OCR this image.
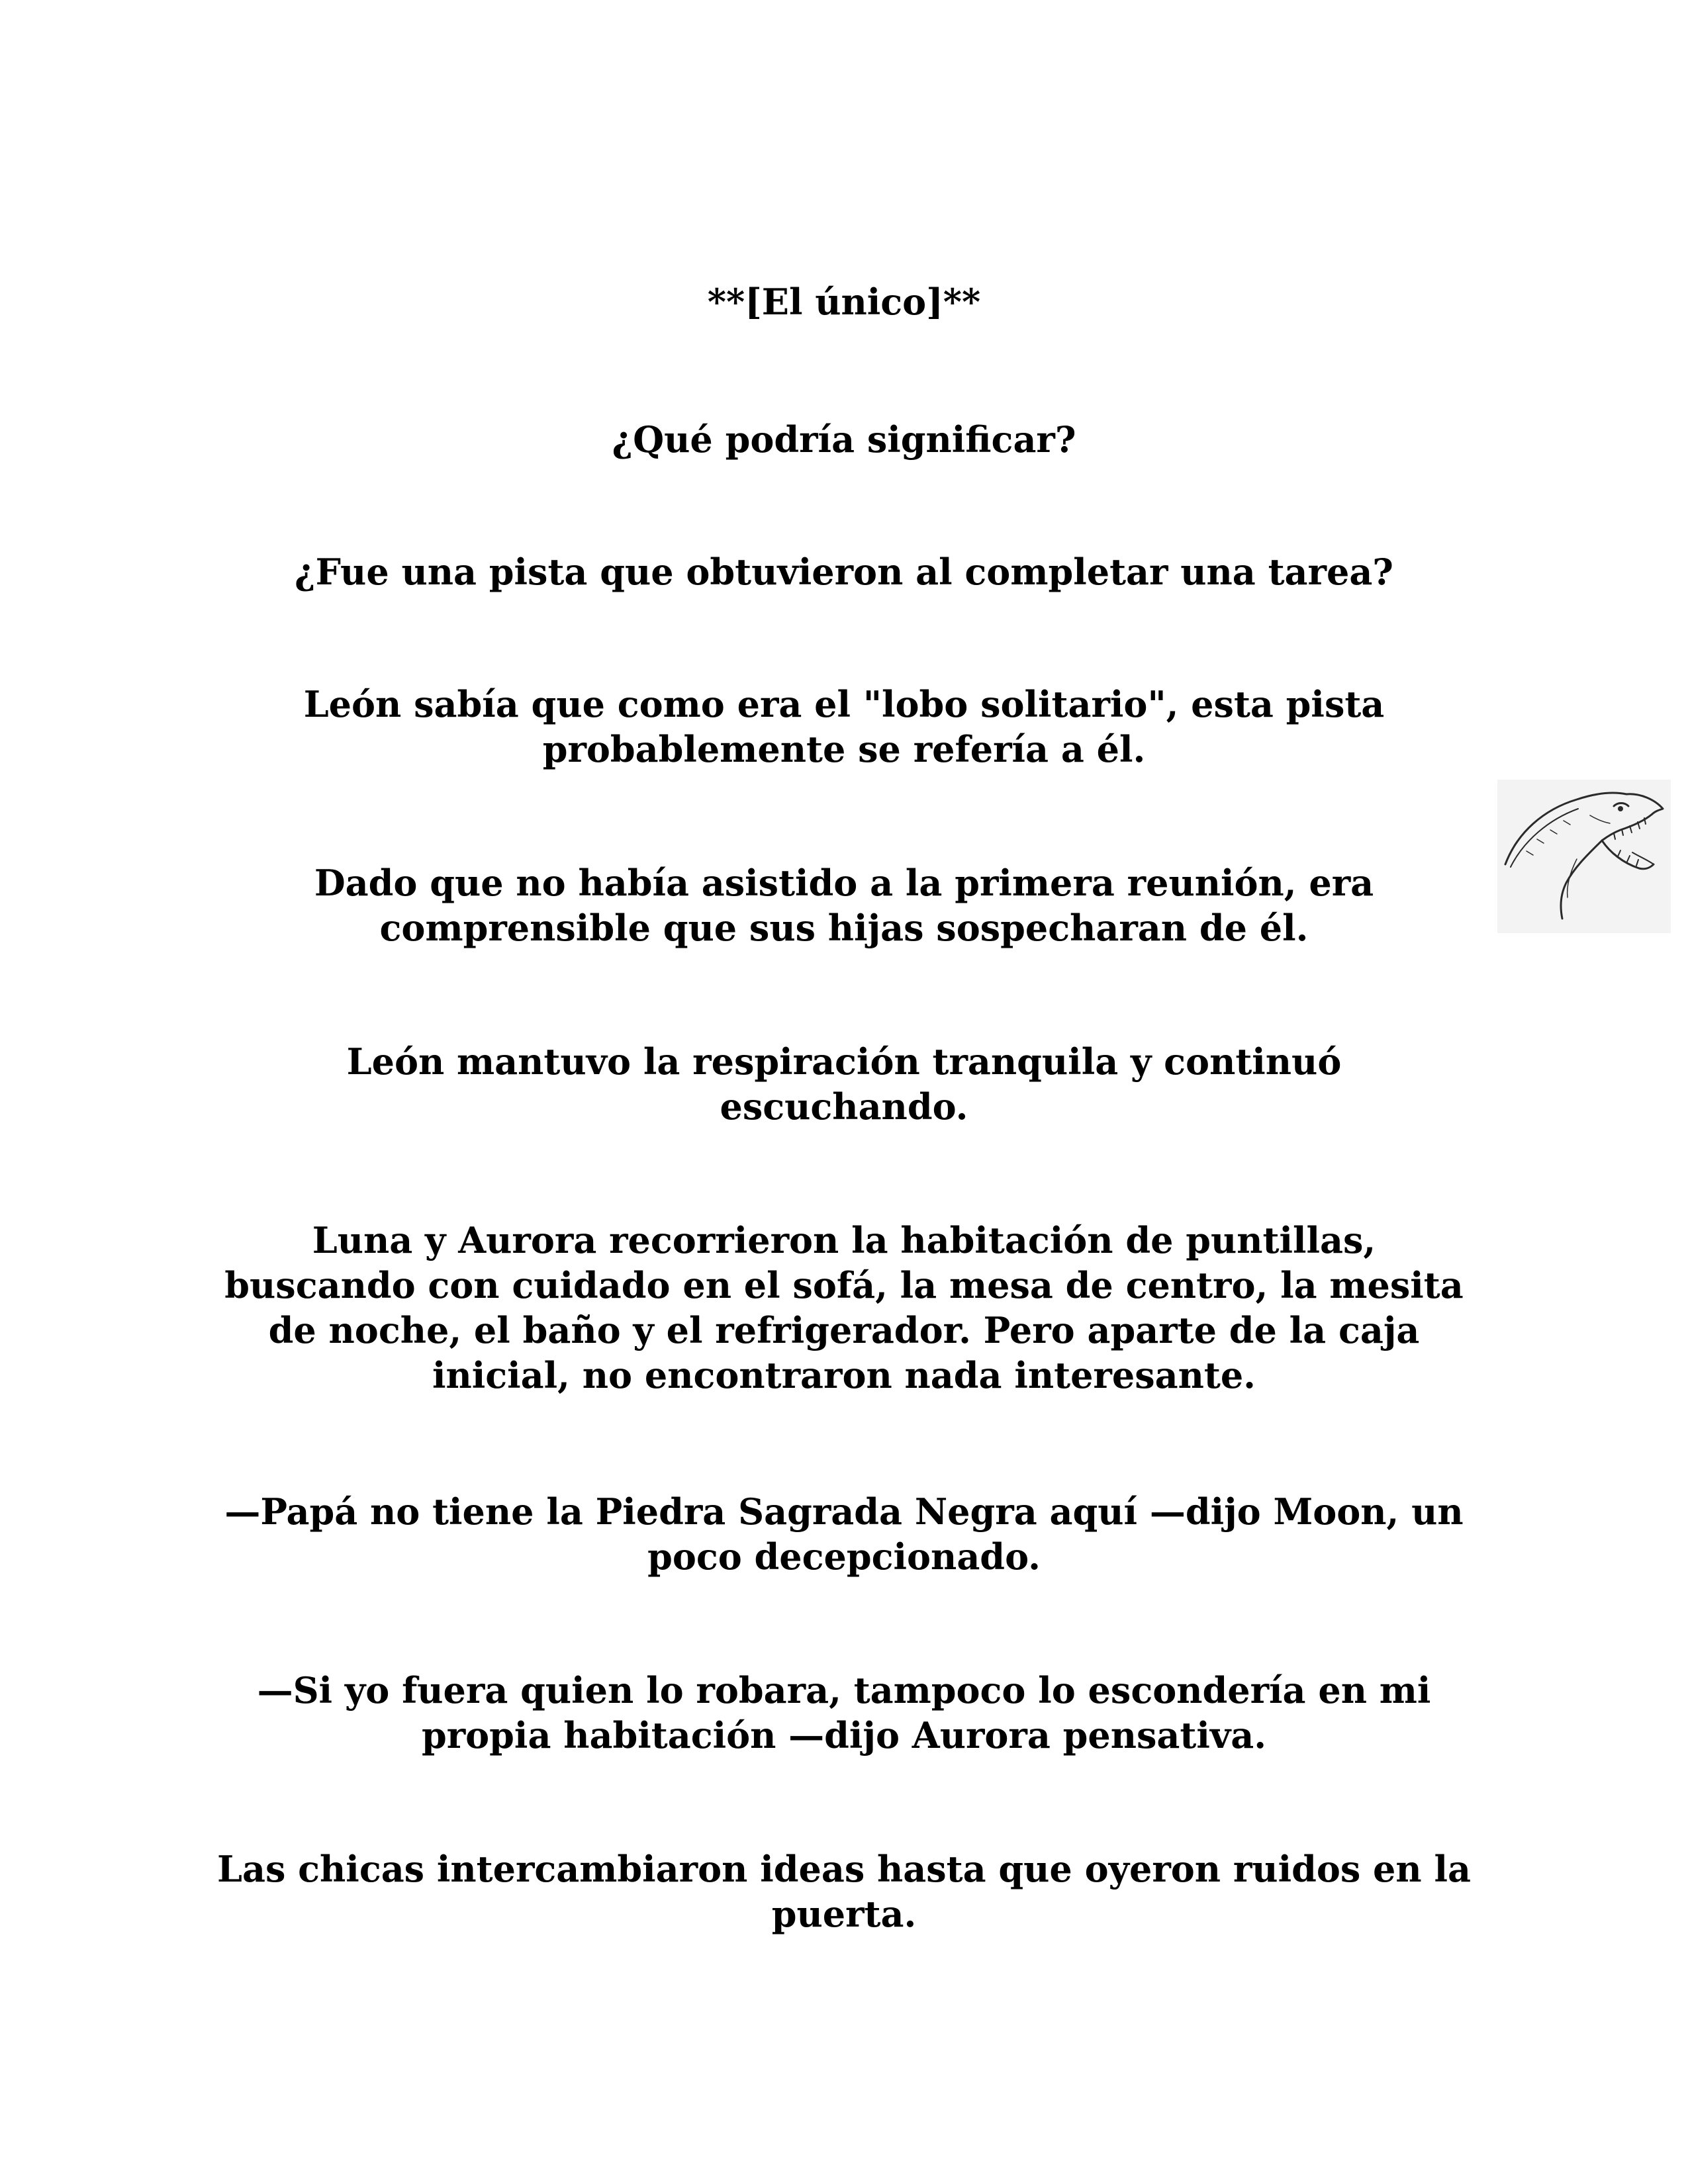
**[El único]**

¿Qué podría significar?

¿Fue una pista que obtuvieron al completar una tarea?

León sabía que como era el "lobo solitario", esta pista
probablemente se refería a él.

Dado que no había asistido a la primera reunión, era
comprensible que sus hijas sospecharan de él.

León mantuvo la respiración tranquila y continuó
escuchando.

Luna y Aurora recorrieron la habitación de puntillas,
buscando con cuidado en el sofá, la mesa de centro, la mesita
de noche, el baño y el refrigerador. Pero aparte de la caja
inicial, no encontraron nada interesante.

—Papá no tiene la Piedra Sagrada Negra aquí —dijo Moon, un
poco decepcionado.

—Si yo fuera quien lo robara, tampoco lo escondería en mi
propia habitación —dijo Aurora pensativa.

Las chicas intercambiaron ideas hasta que oyeron ruidos en la
puerta.
